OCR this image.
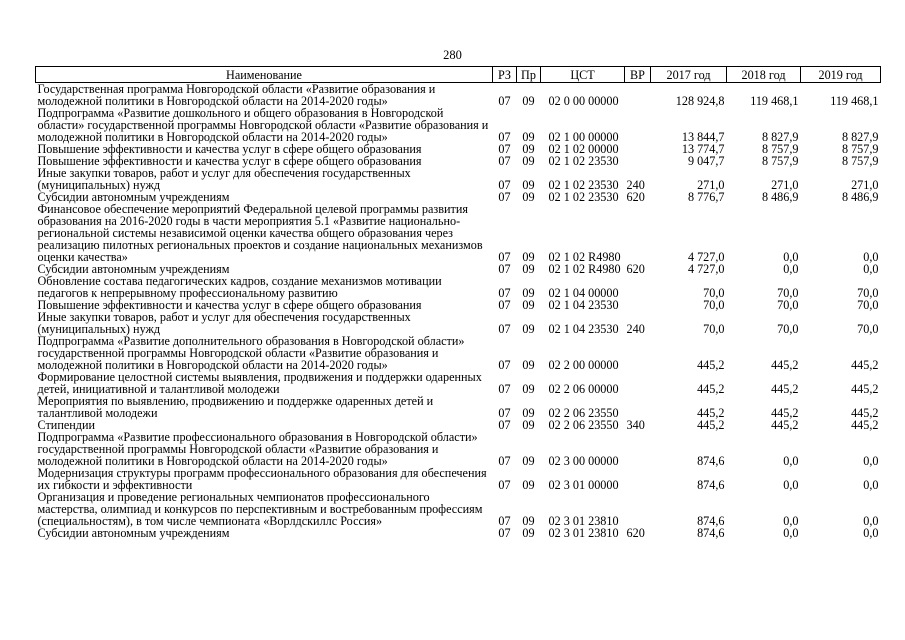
280
Наименование	РЗ	Пр	ЦСТ	ВР	2017 год	2018 год	2019 год
Государственная программа Новгородской области «Развитие образования и молодежной политики в Новгородской области на 2014-2020 годы»	07	09	02 0 00 00000		128 924,8	119 468,1	119 468,1
Подпрограмма «Развитие дошкольного и общего образования в Новгородской области» государственной программы Новгородской области «Развитие образования и молодежной политики в Новгородской области на 2014-2020 годы»	07	09	02 1 00 00000		13 844,7	8 827,9	8 827,9
Повышение эффективности и качества услуг в сфере общего образования	07	09	02 1 02 00000		13 774,7	8 757,9	8 757,9
Повышение эффективности и качества услуг в сфере общего образования	07	09	02 1 02 23530		9 047,7	8 757,9	8 757,9
Иные закупки товаров, работ и услуг для обеспечения государственных (муниципальных) нужд	07	09	02 1 02 23530	240	271,0	271,0	271,0
Субсидии автономным учреждениям	07	09	02 1 02 23530	620	8 776,7	8 486,9	8 486,9
Финансовое обеспечение мероприятий Федеральной целевой программы развития образования на 2016-2020 годы в части мероприятия 5.1 «Развитие национально-региональной системы независимой оценки качества общего образования через реализацию пилотных региональных проектов и создание национальных механизмов оценки качества»	07	09	02 1 02 R4980		4 727,0	0,0	0,0
Субсидии автономным учреждениям	07	09	02 1 02 R4980	620	4 727,0	0,0	0,0
Обновление состава педагогических кадров, создание механизмов мотивации педагогов к непрерывному профессиональному развитию	07	09	02 1 04 00000		70,0	70,0	70,0
Повышение эффективности и качества услуг в сфере общего образования	07	09	02 1 04 23530		70,0	70,0	70,0
Иные закупки товаров, работ и услуг для обеспечения государственных (муниципальных) нужд	07	09	02 1 04 23530	240	70,0	70,0	70,0
Подпрограмма «Развитие дополнительного образования в Новгородской области» государственной программы Новгородской области «Развитие образования и молодежной политики в Новгородской области на 2014-2020 годы»	07	09	02 2 00 00000		445,2	445,2	445,2
Формирование целостной системы выявления, продвижения и поддержки одаренных детей, инициативной и талантливой молодежи	07	09	02 2 06 00000		445,2	445,2	445,2
Мероприятия по выявлению, продвижению и поддержке одаренных детей и талантливой молодежи	07	09	02 2 06 23550		445,2	445,2	445,2
Стипендии	07	09	02 2 06 23550	340	445,2	445,2	445,2
Подпрограмма «Развитие профессионального образования в Новгородской области» государственной программы Новгородской области «Развитие образования и молодежной политики в Новгородской области на 2014-2020 годы»	07	09	02 3 00 00000		874,6	0,0	0,0
Модернизация структуры программ профессионального образования для обеспечения их гибкости и эффективности	07	09	02 3 01 00000		874,6	0,0	0,0
Организация и проведение региональных чемпионатов профессионального мастерства, олимпиад и конкурсов по перспективным и востребованным профессиям (специальностям), в том числе чемпионата «Ворлдскиллс Россия»	07	09	02 3 01 23810		874,6	0,0	0,0
Субсидии автономным учреждениям	07	09	02 3 01 23810	620	874,6	0,0	0,0
